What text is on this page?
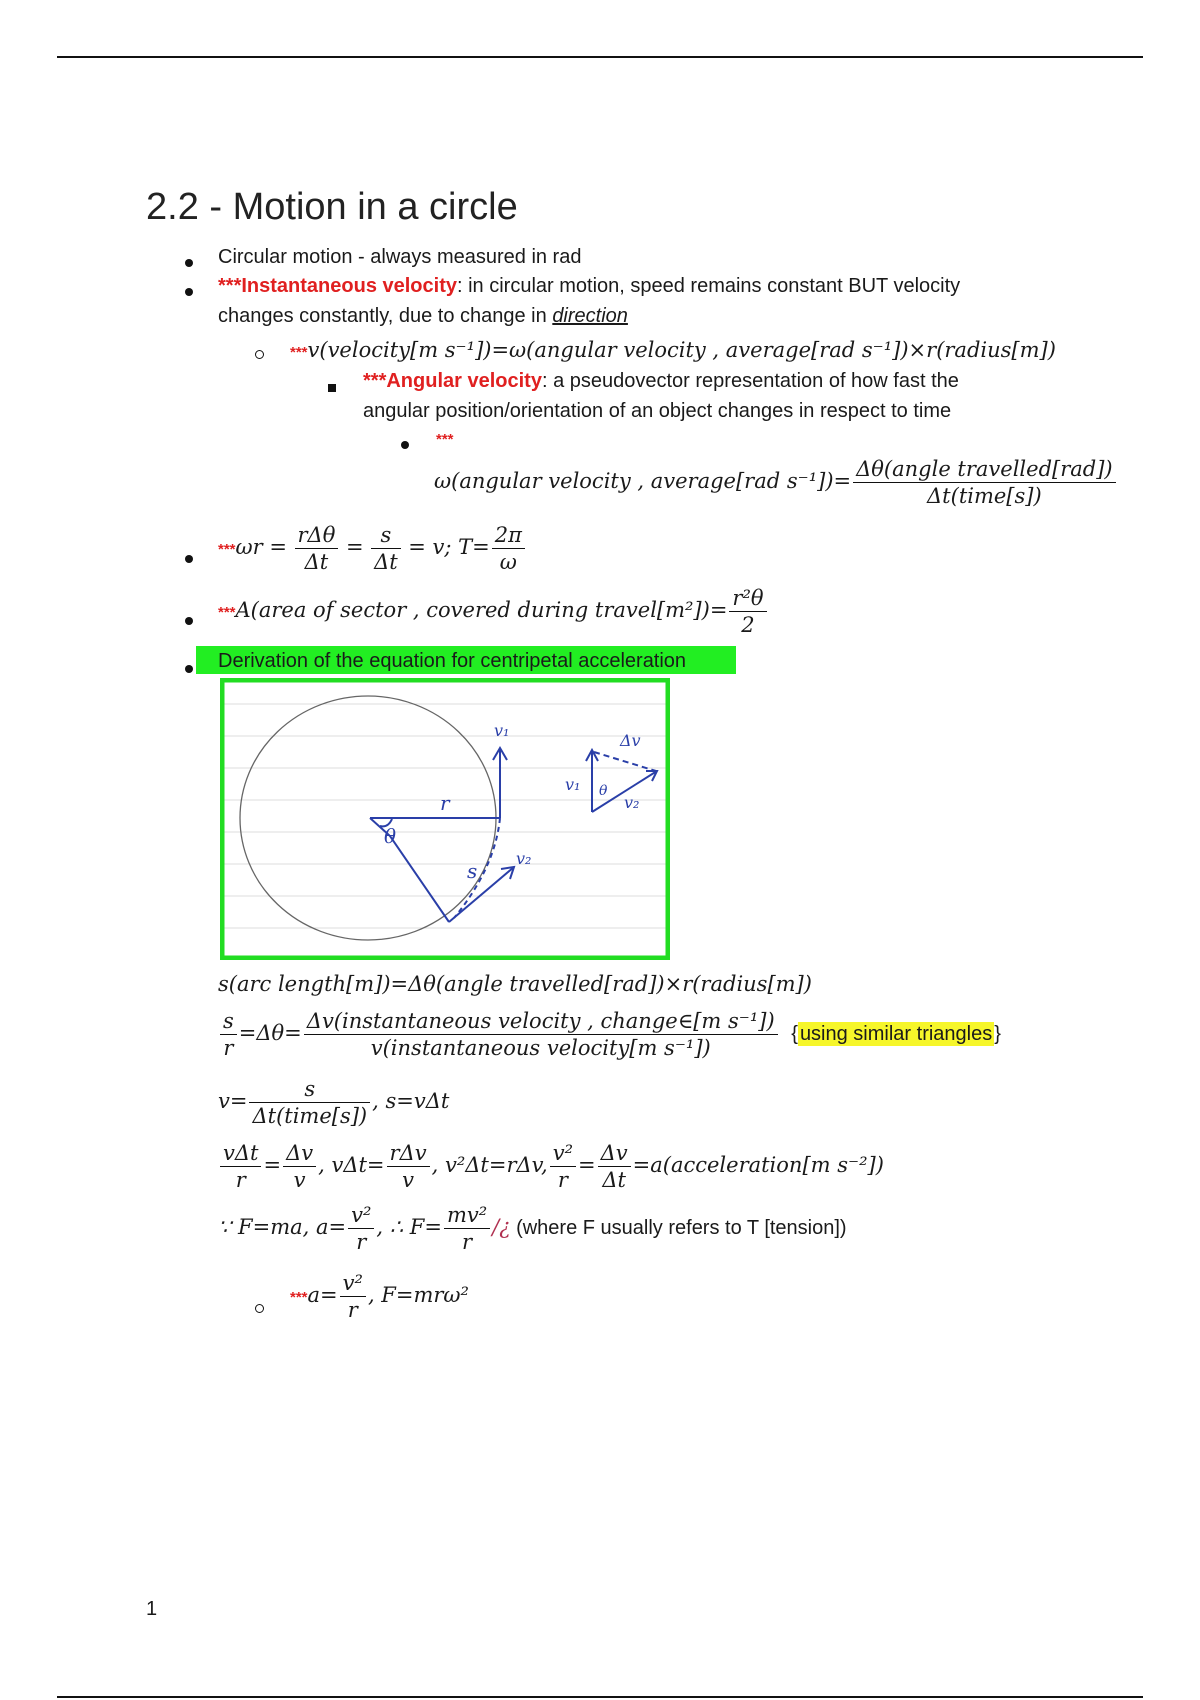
2.2 - Motion in a circle
Circular motion - always measured in rad
***Instantaneous velocity: in circular motion, speed remains constant BUT velocity
changes constantly, due to change in direction
***v(velocity[m s⁻¹])=ω(angular velocity , average[rad s⁻¹])×r(radius[m])
***Angular velocity: a pseudovector representation of how fast the
angular position/orientation of an object changes in respect to time
***
ω(angular velocity , average[rad $s^{-1}])= \frac{\text{Δθ(angle travelled[rad])}}{\text{Δt(time[s])}}$
$***\omega r = \frac{\text{rΔθ}}{\Delta t} = \frac{s}{\Delta t} = v$; $T= \frac{2\pi}{\omega}$
***A(area of sector , covered during travel[m²])= $\frac{\text{r²θ}}{2}$
Derivation of the equation for centripetal acceleration
r
θ
s
v₁
v₂
Δv
v₁ θ
v₂
s(arc length[m])=Δθ(angle travelled[rad])×r(radius[m])
$\frac{s}{r} =\Delta\theta= \frac{\text{Δv(instantaneous velocity , change∈[m s⁻¹])}}{\text{v(instantaneous velocity[m s⁻¹])}}$ { using similar triangles }
$v= \frac{s}{\text{Δt(time[s])}}$ , s=vΔt
$\frac{\text{vΔt}}{r} = \frac{\Delta v}{v}$ , $v\Delta t= \frac{\text{rΔv}}{v}$ , v²Δt=rΔv, $\frac{\text{v²}}{r} = \frac{\Delta v}{\Delta t}$ =a(acceleration[m s⁻²])
∵ F=ma, $a= \frac{\text{v²}}{r}$ , ∴ $F= \frac{\text{mv²}}{r}$ /¿ (where F usually refers to T [tension])
$***a= \frac{\text{v²}}{r}$ , F=mrω²
1
